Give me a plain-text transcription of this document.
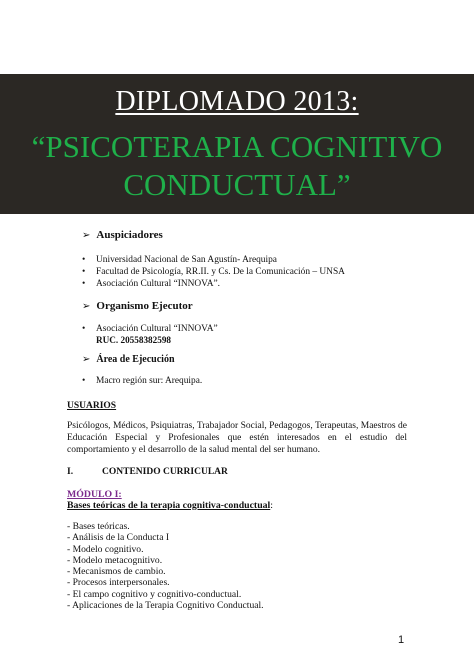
DIPLOMADO 2013:
“PSICOTERAPIA COGNITIVO
CONDUCTUAL”
➢ Auspiciadores
• Universidad Nacional de San Agustín- Arequipa
• Facultad de Psicología, RR.II. y Cs. De la Comunicación – UNSA
• Asociación Cultural “INNOVA”.
➢ Organismo Ejecutor
• Asociación Cultural “INNOVA”
RUC. 20558382598
➢ Área de Ejecución
• Macro región sur: Arequipa.
USUARIOS
Psicólogos, Médicos, Psiquiatras, Trabajador Social, Pedagogos, Terapeutas, Maestros de Educación Especial y Profesionales que estén interesados en el estudio del comportamiento y el desarrollo de la salud mental del ser humano.
I.	CONTENIDO CURRICULAR
MÓDULO I:
Bases teóricas de la terapia cognitiva-conductual:
- Bases teóricas.
- Análisis de la Conducta I
- Modelo cognitivo.
- Modelo metacognitivo.
- Mecanismos de cambio.
- Procesos interpersonales.
- El campo cognitivo y cognitivo-conductual.
- Aplicaciones de la Terapia Cognitivo Conductual.
1
